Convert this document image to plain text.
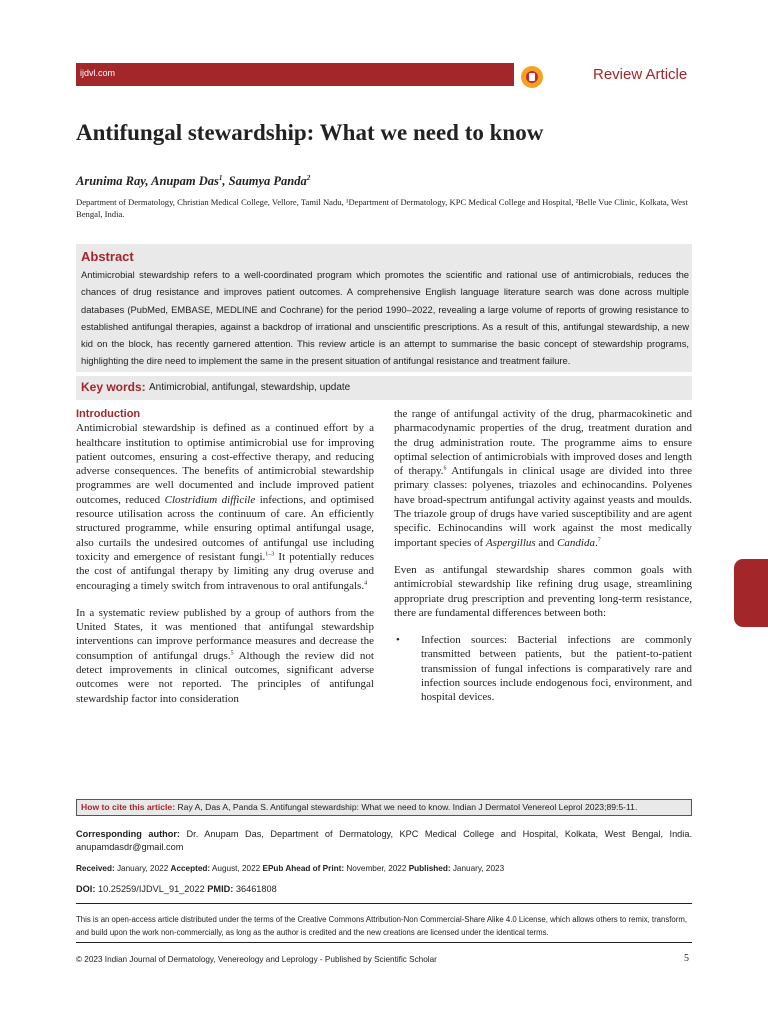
ijdvl.com	Review Article
Antifungal stewardship: What we need to know
Arunima Ray, Anupam Das$^1$, Saumya Panda$^2$
Department of Dermatology, Christian Medical College, Vellore, Tamil Nadu, ¹Department of Dermatology, KPC Medical College and Hospital, ²Belle Vue Clinic, Kolkata, West Bengal, India.
Abstract
Antimicrobial stewardship refers to a well-coordinated program which promotes the scientific and rational use of antimicrobials, reduces the chances of drug resistance and improves patient outcomes. A comprehensive English language literature search was done across multiple databases (PubMed, EMBASE, MEDLINE and Cochrane) for the period 1990–2022, revealing a large volume of reports of growing resistance to established antifungal therapies, against a backdrop of irrational and unscientific prescriptions. As a result of this, antifungal stewardship, a new kid on the block, has recently garnered attention. This review article is an attempt to summarise the basic concept of stewardship programs, highlighting the dire need to implement the same in the present situation of antifungal resistance and treatment failure.
Key words: Antimicrobial, antifungal, stewardship, update
Introduction

Antimicrobial stewardship is defined as a continued effort by a healthcare institution to optimise antimicrobial use for improving patient outcomes, ensuring a cost-effective therapy, and reducing adverse consequences. The benefits of antimicrobial stewardship programmes are well documented and include improved patient outcomes, reduced Clostridium difficile infections, and optimised resource utilisation across the continuum of care. An efficiently structured programme, while ensuring optimal antifungal usage, also curtails the undesired outcomes of antifungal use including toxicity and emergence of resistant fungi.$^{1-3}$ It potentially reduces the cost of antifungal therapy by limiting any drug overuse and encouraging a timely switch from intravenous to oral antifungals.$^4$

In a systematic review published by a group of authors from the United States, it was mentioned that antifungal stewardship interventions can improve performance measures and decrease the consumption of antifungal drugs.$^5$ Although the review did not detect improvements in clinical outcomes, significant adverse outcomes were not reported. The principles of antifungal stewardship factor into consideration

the range of antifungal activity of the drug, pharmacokinetic and pharmacodynamic properties of the drug, treatment duration and the drug administration route. The programme aims to ensure optimal selection of antimicrobials with improved doses and length of therapy.$^6$ Antifungals in clinical usage are divided into three primary classes: polyenes, triazoles and echinocandins. Polyenes have broad-spectrum antifungal activity against yeasts and moulds. The triazole group of drugs have varied susceptibility and are agent specific. Echinocandins will work against the most medically important species of Aspergillus and Candida.$^7$

Even as antifungal stewardship shares common goals with antimicrobial stewardship like refining drug usage, streamlining appropriate drug prescription and preventing long-term resistance, there are fundamental differences between both:

• Infection sources: Bacterial infections are commonly transmitted between patients, but the patient-to-patient transmission of fungal infections is comparatively rare and infection sources include endogenous foci, environment, and hospital devices.
How to cite this article: Ray A, Das A, Panda S. Antifungal stewardship: What we need to know. Indian J Dermatol Venereol Leprol 2023;89:5-11.
Corresponding author: Dr. Anupam Das, Department of Dermatology, KPC Medical College and Hospital, Kolkata, West Bengal, India. anupamdasdr@gmail.com
Received: January, 2022 Accepted: August, 2022 EPub Ahead of Print: November, 2022 Published: January, 2023
DOI: 10.25259/IJDVL_91_2022 PMID: 36461808
This is an open-access article distributed under the terms of the Creative Commons Attribution-Non Commercial-Share Alike 4.0 License, which allows others to remix, transform, and build upon the work non-commercially, as long as the author is credited and the new creations are licensed under the identical terms.
© 2023 Indian Journal of Dermatology, Venereology and Leprology - Published by Scientific Scholar	5
